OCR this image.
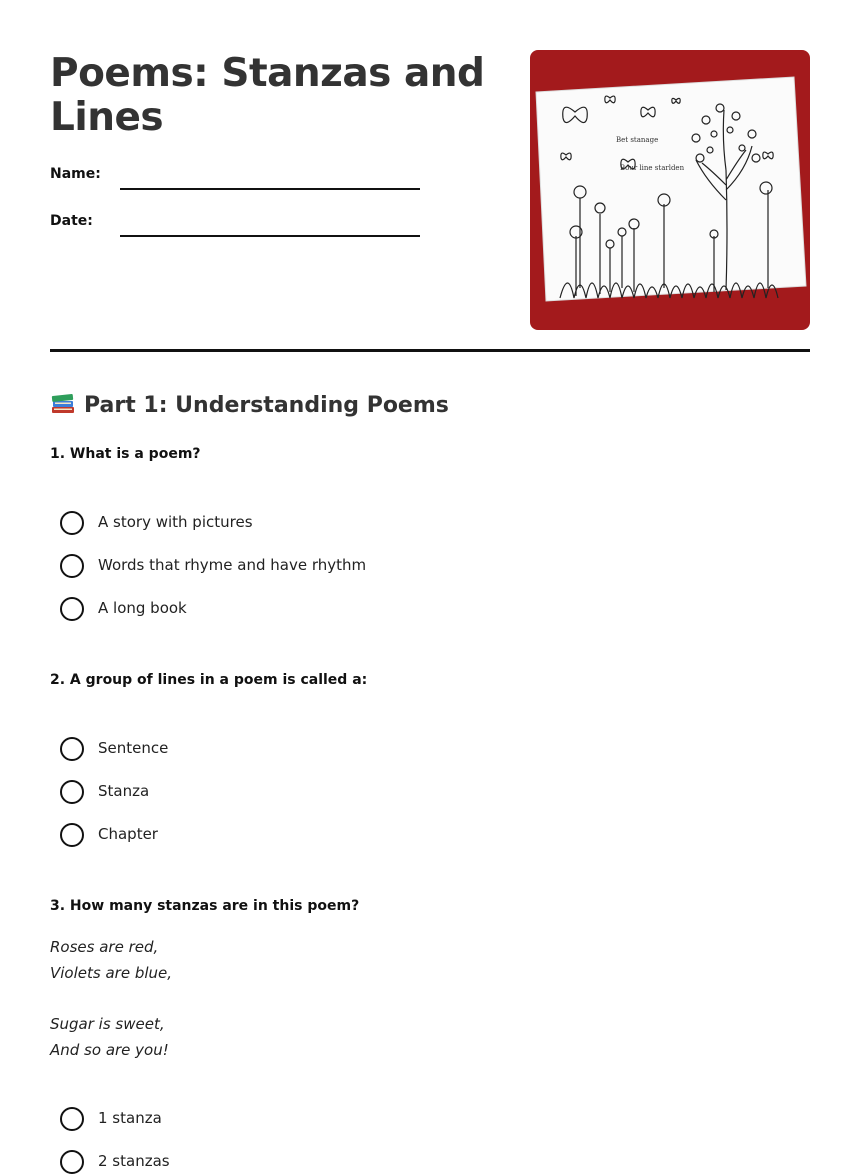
Poems: Stanzas and Lines
Name:
Date:
Bet stanage
Bour line starlden
Part 1: Understanding Poems
1. What is a poem?
A story with pictures
Words that rhyme and have rhythm
A long book
2. A group of lines in a poem is called a:
Sentence
Stanza
Chapter
3. How many stanzas are in this poem?
Roses are red,
Violets are blue,
Sugar is sweet,
And so are you!
1 stanza
2 stanzas
